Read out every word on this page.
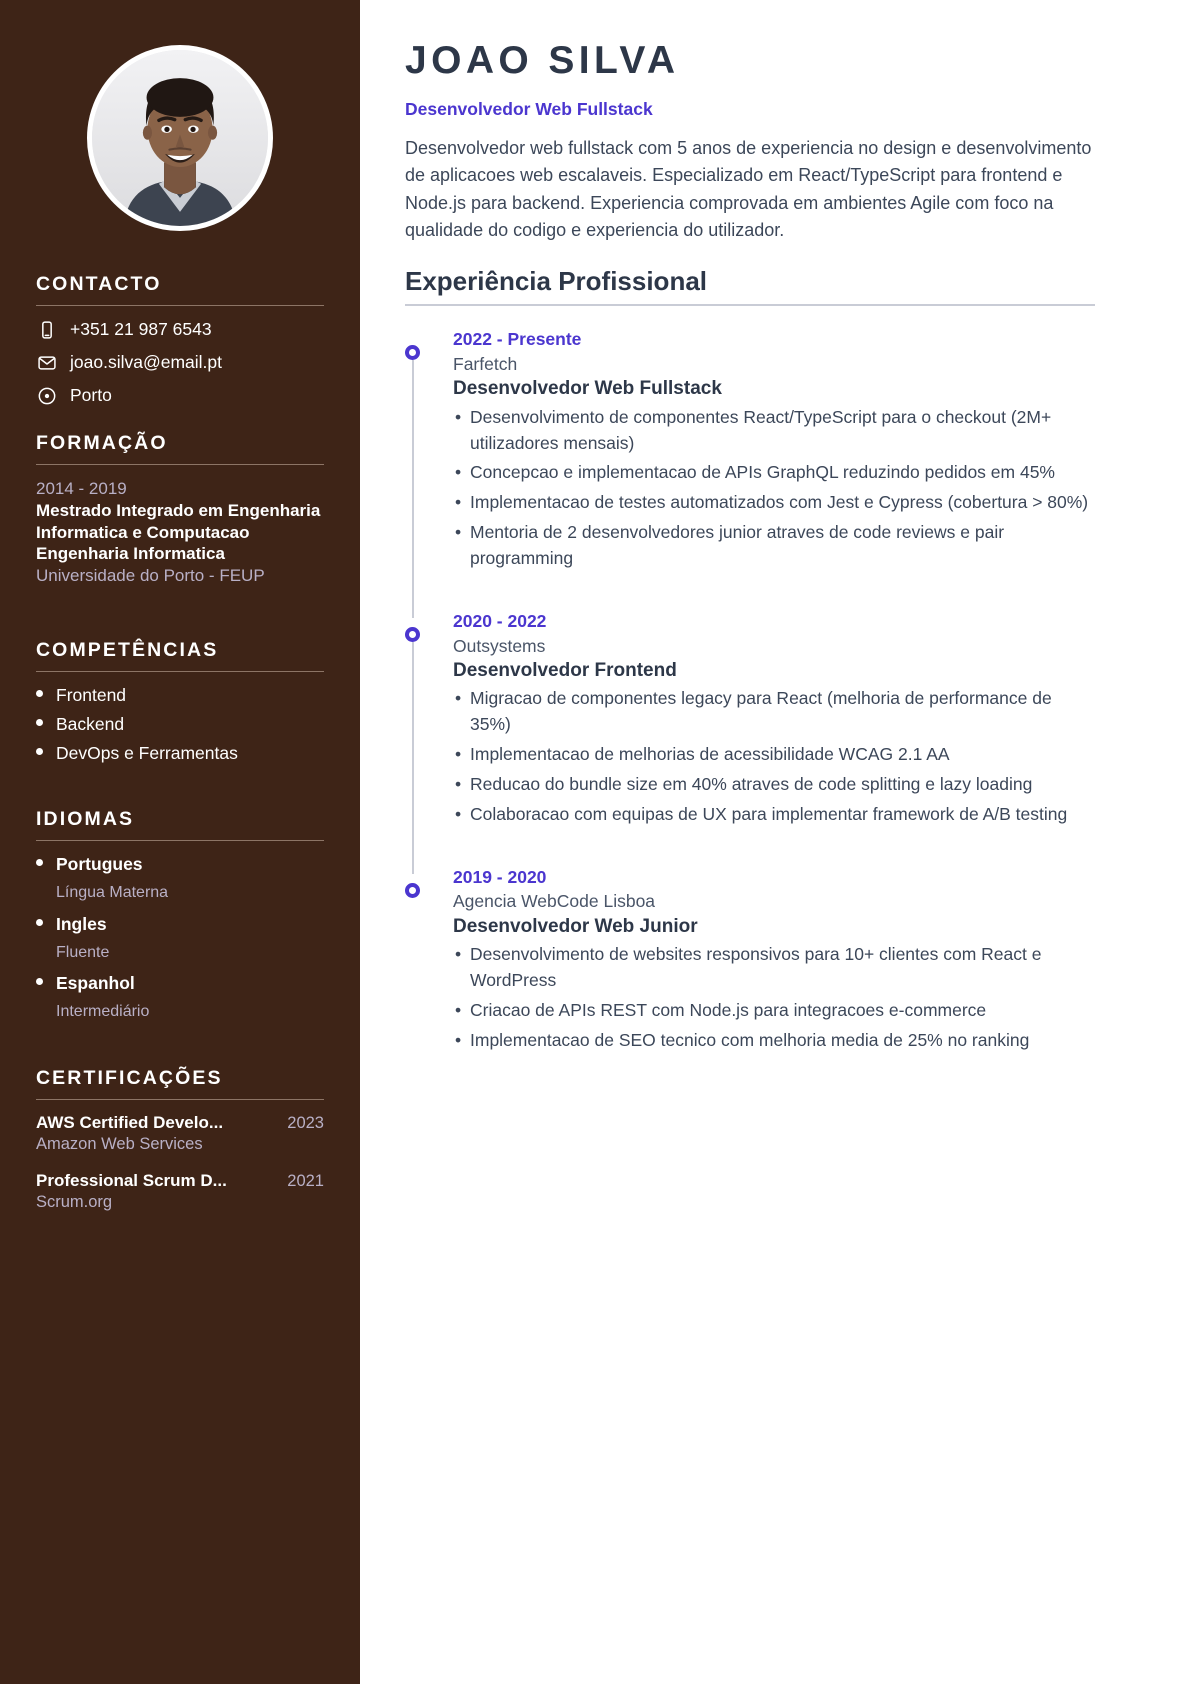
CONTACTO
+351 21 987 6543
joao.silva@email.pt
Porto
FORMAÇÃO
2014 - 2019
Mestrado Integrado em Engenharia Informatica e Computacao Engenharia Informatica
Universidade do Porto - FEUP
COMPETÊNCIAS
Frontend
Backend
DevOps e Ferramentas
IDIOMAS
Portugues
Língua Materna
Ingles
Fluente
Espanhol
Intermediário
CERTIFICAÇÕES
AWS Certified Develo...	2023
Amazon Web Services
Professional Scrum D...	2021
Scrum.org
JOAO SILVA
Desenvolvedor Web Fullstack

Desenvolvedor web fullstack com 5 anos de experiencia no design e desenvolvimento de aplicacoes web escalaveis. Especializado em React/TypeScript para frontend e Node.js para backend. Experiencia comprovada em ambientes Agile com foco na qualidade do codigo e experiencia do utilizador.

Experiência Profissional
2022 - Presente
Farfetch
Desenvolvedor Web Fullstack
• Desenvolvimento de componentes React/TypeScript para o checkout (2M+ utilizadores mensais)
• Concepcao e implementacao de APIs GraphQL reduzindo pedidos em 45%
• Implementacao de testes automatizados com Jest e Cypress (cobertura > 80%)
• Mentoria de 2 desenvolvedores junior atraves de code reviews e pair programming
2020 - 2022
Outsystems
Desenvolvedor Frontend
• Migracao de componentes legacy para React (melhoria de performance de 35%)
• Implementacao de melhorias de acessibilidade WCAG 2.1 AA
• Reducao do bundle size em 40% atraves de code splitting e lazy loading
• Colaboracao com equipas de UX para implementar framework de A/B testing
2019 - 2020
Agencia WebCode Lisboa
Desenvolvedor Web Junior
• Desenvolvimento de websites responsivos para 10+ clientes com React e WordPress
• Criacao de APIs REST com Node.js para integracoes e-commerce
• Implementacao de SEO tecnico com melhoria media de 25% no ranking
